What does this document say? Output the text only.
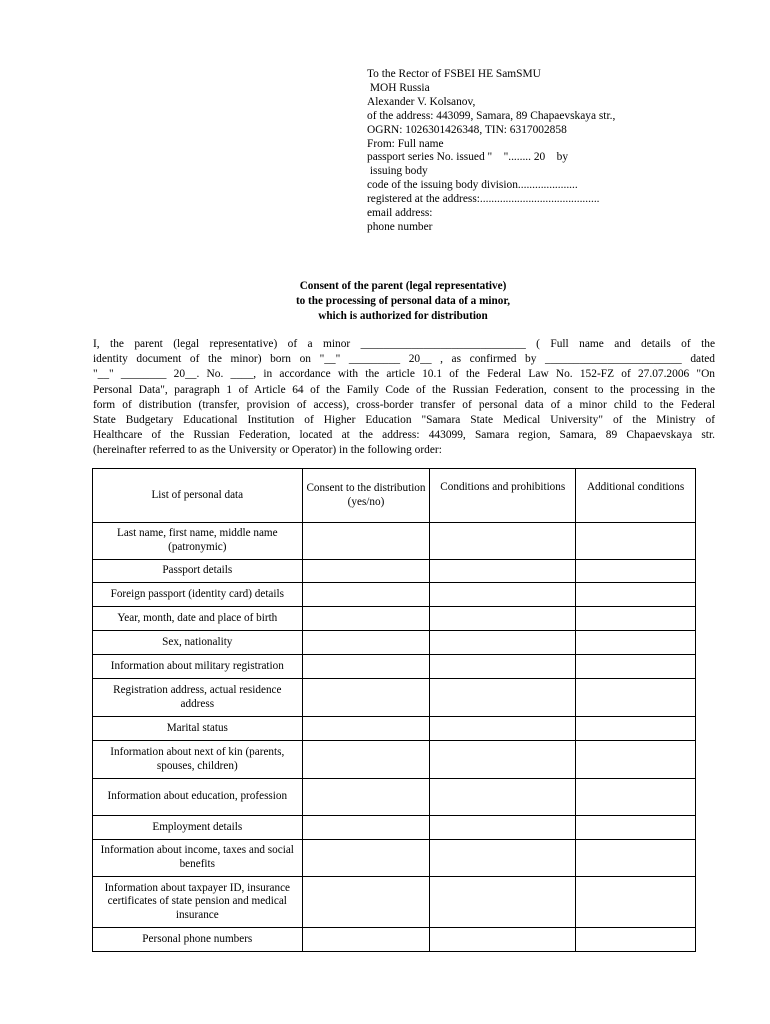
To the Rector of FSBEI HE SamSMU
MOH Russia
Alexander V. Kolsanov,
of the address: 443099, Samara, 89 Chapaevskaya str.,
OGRN: 1026301426348, TIN: 6317002858
From: Full name
passport series No. issued "    "........ 20    by
issuing body
code of the issuing body division.....................
registered at the address:..........................................
email address:
phone number
Consent of the parent (legal representative)
to the processing of personal data of a minor,
which is authorized for distribution
I, the parent (legal representative) of a minor _____________________________ ( Full name and details of the
identity document of the minor) born on "__" _________ 20__ , as confirmed by ________________________ dated
"__" ________ 20__. No. ____, in accordance with the article 10.1 of the Federal Law No. 152-FZ of 27.07.2006 "On
Personal Data", paragraph 1 of Article 64 of the Family Code of the Russian Federation, consent to the processing in the
form of distribution (transfer, provision of access), cross-border transfer of personal data of a minor child to the Federal
State Budgetary Educational Institution of Higher Education "Samara State Medical University" of the Ministry of
Healthcare of the Russian Federation, located at the address: 443099, Samara region, Samara, 89 Chapaevskaya str.
(hereinafter referred to as the University or Operator) in the following order:
List of personal data	Consent to the distribution (yes/no)	Conditions and prohibitions	Additional conditions
Last name, first name, middle name (patronymic)			
Passport details			
Foreign passport (identity card) details			
Year, month, date and place of birth			
Sex, nationality			
Information about military registration			
Registration address, actual residence address			
Marital status			
Information about next of kin (parents, spouses, children)			
Information about education, profession			
Employment details			
Information about income, taxes and social benefits			
Information about taxpayer ID, insurance certificates of state pension and medical insurance			
Personal phone numbers			
